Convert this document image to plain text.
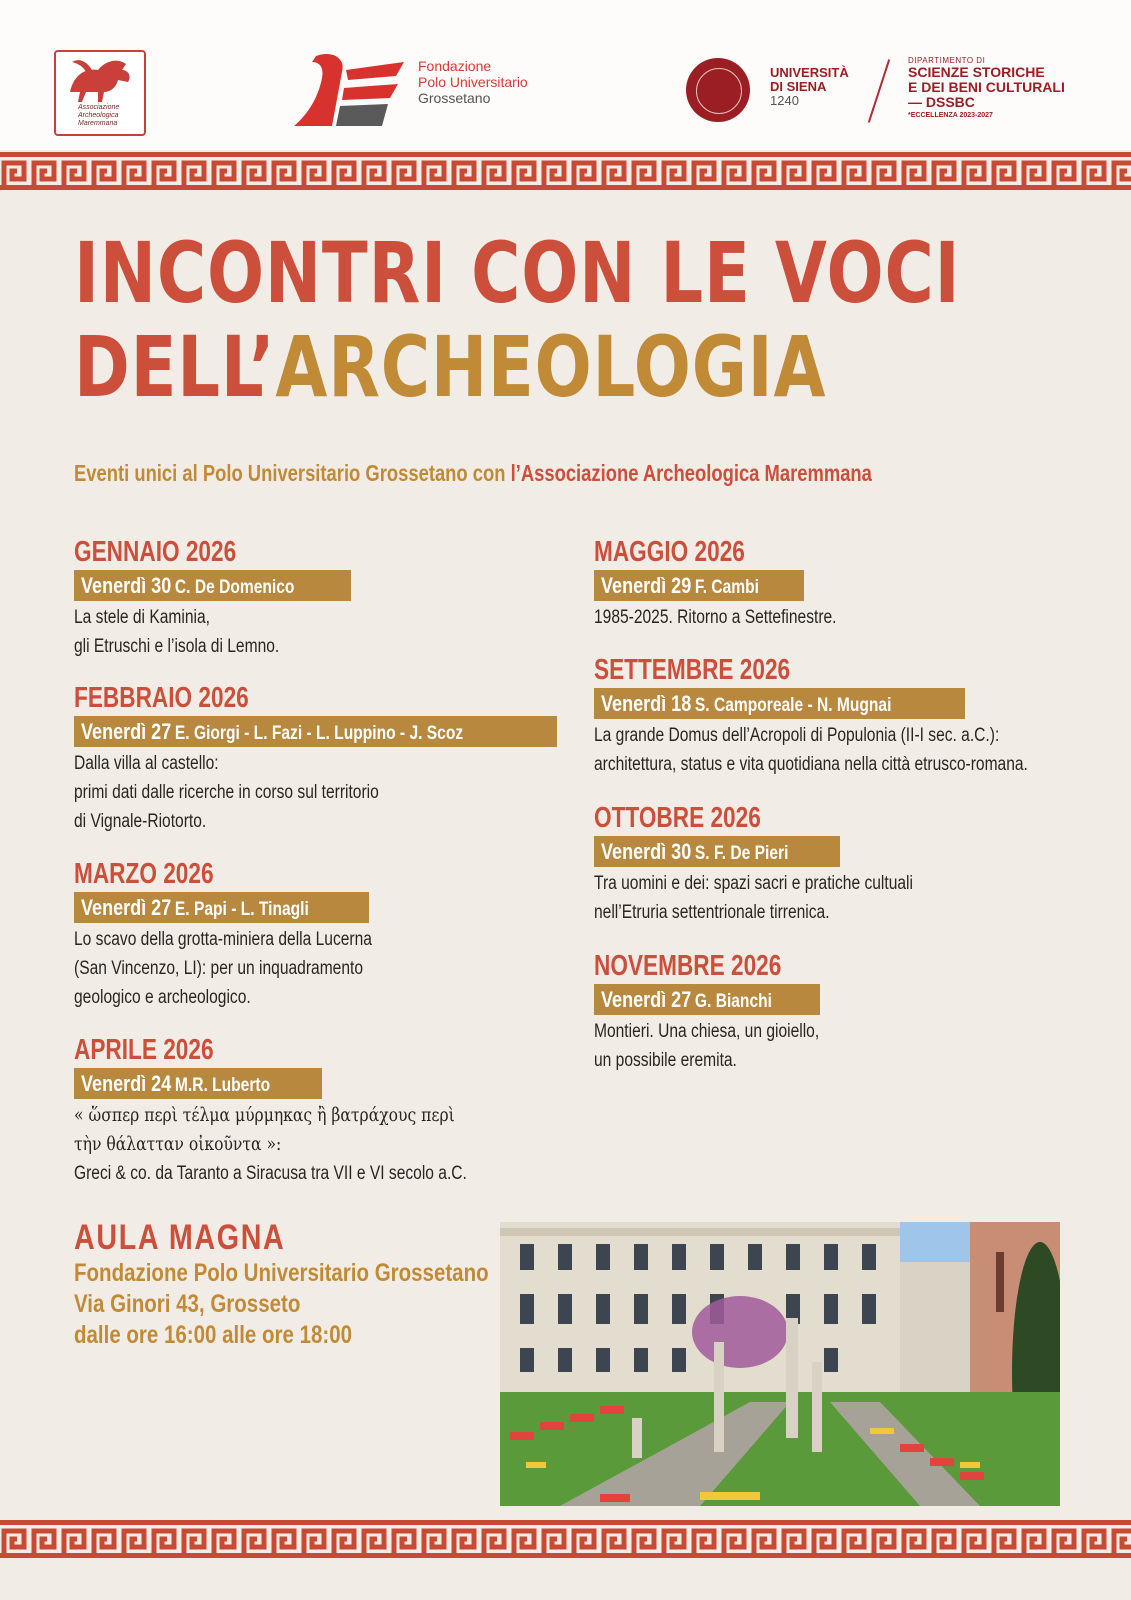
Associazione Archeologica Maremmana
Fondazione
Polo Universitario
Grossetano
UNIVERSITÀ
DI SIENA
1240
DIPARTIMENTO DI
SCIENZE STORICHE
E DEI BENI CULTURALI
— DSSBC
*ECCELLENZA 2023-2027
INCONTRI CON LE VOCI
DELL’ARCHEOLOGIA
Eventi unici al Polo Universitario Grossetano con l’Associazione Archeologica Maremmana
GENNAIO 2026
Venerdì 30 C. De Domenico
La stele di Kaminia,
gli Etruschi e l’isola di Lemno.
FEBBRAIO 2026
Venerdì 27 E. Giorgi - L. Fazi - L. Luppino - J. Scoz
Dalla villa al castello:
primi dati dalle ricerche in corso sul territorio
di Vignale-Riotorto.
MARZO 2026
Venerdì 27 E. Papi - L. Tinagli
Lo scavo della grotta-miniera della Lucerna
(San Vincenzo, LI): per un inquadramento
geologico e archeologico.
APRILE 2026
Venerdì 24 M.R. Luberto
« ὥσπερ περὶ τέλμα μύρμηκας ἢ βατράχους περὶ
τὴν θάλατταν οἰκοῦντα »:
Greci & co. da Taranto a Siracusa tra VII e VI secolo a.C.
MAGGIO 2026
Venerdì 29 F. Cambi
1985-2025. Ritorno a Settefinestre.
SETTEMBRE 2026
Venerdì 18 S. Camporeale - N. Mugnai
La grande Domus dell’Acropoli di Populonia (II-I sec. a.C.):
architettura, status e vita quotidiana nella città etrusco-romana.
OTTOBRE 2026
Venerdì 30 S. F. De Pieri
Tra uomini e dei: spazi sacri e pratiche cultuali
nell’Etruria settentrionale tirrenica.
NOVEMBRE 2026
Venerdì 27 G. Bianchi
Montieri. Una chiesa, un gioiello,
un possibile eremita.
AULA MAGNA
Fondazione Polo Universitario Grossetano
Via Ginori 43, Grosseto
dalle ore 16:00 alle ore 18:00
